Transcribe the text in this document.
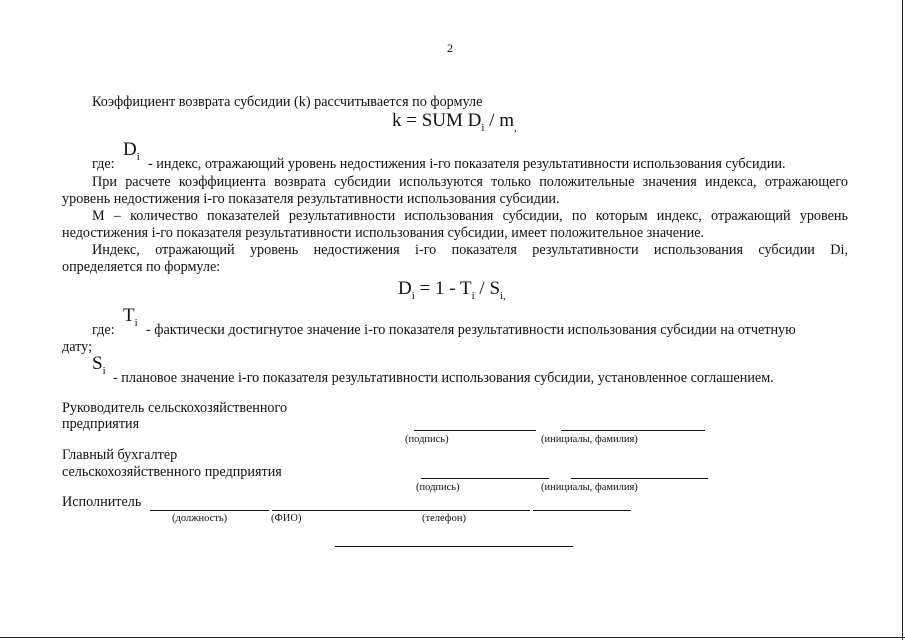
2
Коэффициент возврата субсидии (k) рассчитывается по формуле
k = SUM $D_i / m_,$
$D_i$
где: - индекс, отражающий уровень недостижения i-го показателя результативности использования субсидии.
При расчете коэффициента возврата субсидии используются только положительные значения индекса, отражающего
уровень недостижения i-го показателя результативности использования субсидии.
М – количество показателей результативности использования субсидии, по которым индекс, отражающий уровень
недостижения i-го показателя результативности использования субсидии, имеет положительное значение.
Индекс, отражающий уровень недостижения i-го показателя результативности использования субсидии Di,
определяется по формуле:
$D_i = 1 - T_i / S_{i,}$
$T_i$
где: - фактически достигнутое значение i-го показателя результативности использования субсидии на отчетную
дату;
$S_i$ - плановое значение i-го показателя результативности использования субсидии, установленное соглашением.
Руководитель сельскохозяйственного
предприятия
(подпись)	(инициалы, фамилия)
Главный бухгалтер
сельскохозяйственного предприятия
(подпись)	(инициалы, фамилия)
Исполнитель
(должность)	(ФИО)	(телефон)
